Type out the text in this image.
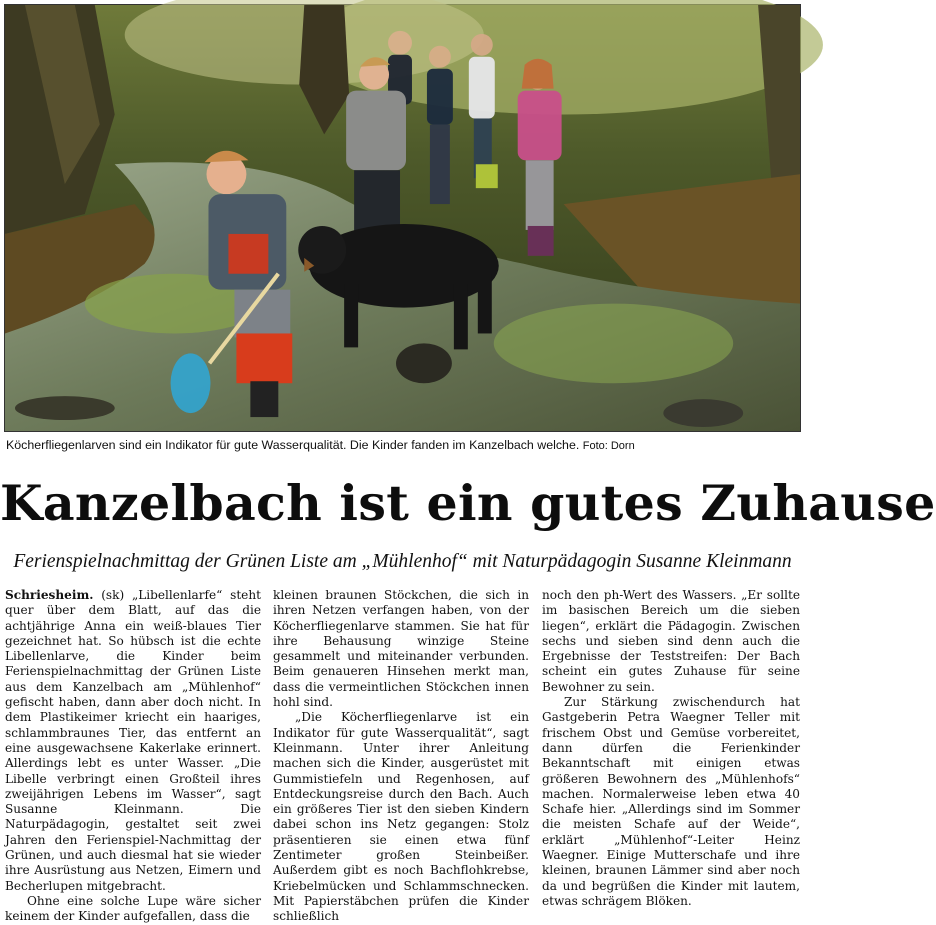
Köcherfliegenlarven sind ein Indikator für gute Wasserqualität. Die Kinder fanden im Kanzelbach welche. Foto: Dorn
Kanzelbach ist ein gutes Zuhause
Ferienspielnachmittag der Grünen Liste am „Mühlenhof“ mit Naturpädagogin Susanne Kleinmann

Schriesheim. (sk) „Libellenlarfe“ steht quer über dem Blatt, auf das die achtjährige Anna ein weiß-blaues Tier gezeichnet hat. So hübsch ist die echte Libellenlarve, die Kinder beim Ferienspielnachmittag der Grünen Liste aus dem Kanzelbach am „Mühlenhof“ gefischt haben, dann aber doch nicht. In dem Plastikeimer kriecht ein haariges, schlammbraunes Tier, das entfernt an eine ausgewachsene Kakerlake erinnert. Allerdings lebt es unter Wasser. „Die Libelle verbringt einen Großteil ihres zweijährigen Lebens im Wasser“, sagt Susanne Kleinmann. Die Naturpädagogin, gestaltet seit zwei Jahren den Ferienspiel-Nachmittag der Grünen, und auch diesmal hat sie wieder ihre Ausrüstung aus Netzen, Eimern und Becherlupen mitgebracht.

Ohne eine solche Lupe wäre sicher keinem der Kinder aufgefallen, dass die

kleinen braunen Stöckchen, die sich in ihren Netzen verfangen haben, von der Köcherfliegenlarve stammen. Sie hat für ihre Behausung winzige Steine gesammelt und miteinander verbunden. Beim genaueren Hinsehen merkt man, dass die vermeintlichen Stöckchen innen hohl sind.

„Die Köcherfliegenlarve ist ein Indikator für gute Wasserqualität“, sagt Kleinmann. Unter ihrer Anleitung machen sich die Kinder, ausgerüstet mit Gummistiefeln und Regenhosen, auf Entdeckungsreise durch den Bach. Auch ein größeres Tier ist den sieben Kindern dabei schon ins Netz gegangen: Stolz präsentieren sie einen etwa fünf Zentimeter großen Steinbeißer. Außerdem gibt es noch Bachflohkrebse, Kriebelmücken und Schlammschnecken. Mit Papierstäbchen prüfen die Kinder schließlich

noch den ph-Wert des Wassers. „Er sollte im basischen Bereich um die sieben liegen“, erklärt die Pädagogin. Zwischen sechs und sieben sind denn auch die Ergebnisse der Teststreifen: Der Bach scheint ein gutes Zuhause für seine Bewohner zu sein.

Zur Stärkung zwischendurch hat Gastgeberin Petra Waegner Teller mit frischem Obst und Gemüse vorbereitet, dann dürfen die Ferienkinder Bekanntschaft mit einigen etwas größeren Bewohnern des „Mühlenhofs“ machen. Normalerweise leben etwa 40 Schafe hier. „Allerdings sind im Sommer die meisten Schafe auf der Weide“, erklärt „Mühlenhof“-Leiter Heinz Waegner. Einige Mutterschafe und ihre kleinen, braunen Lämmer sind aber noch da und begrüßen die Kinder mit lautem, etwas schrägem Blöken.
